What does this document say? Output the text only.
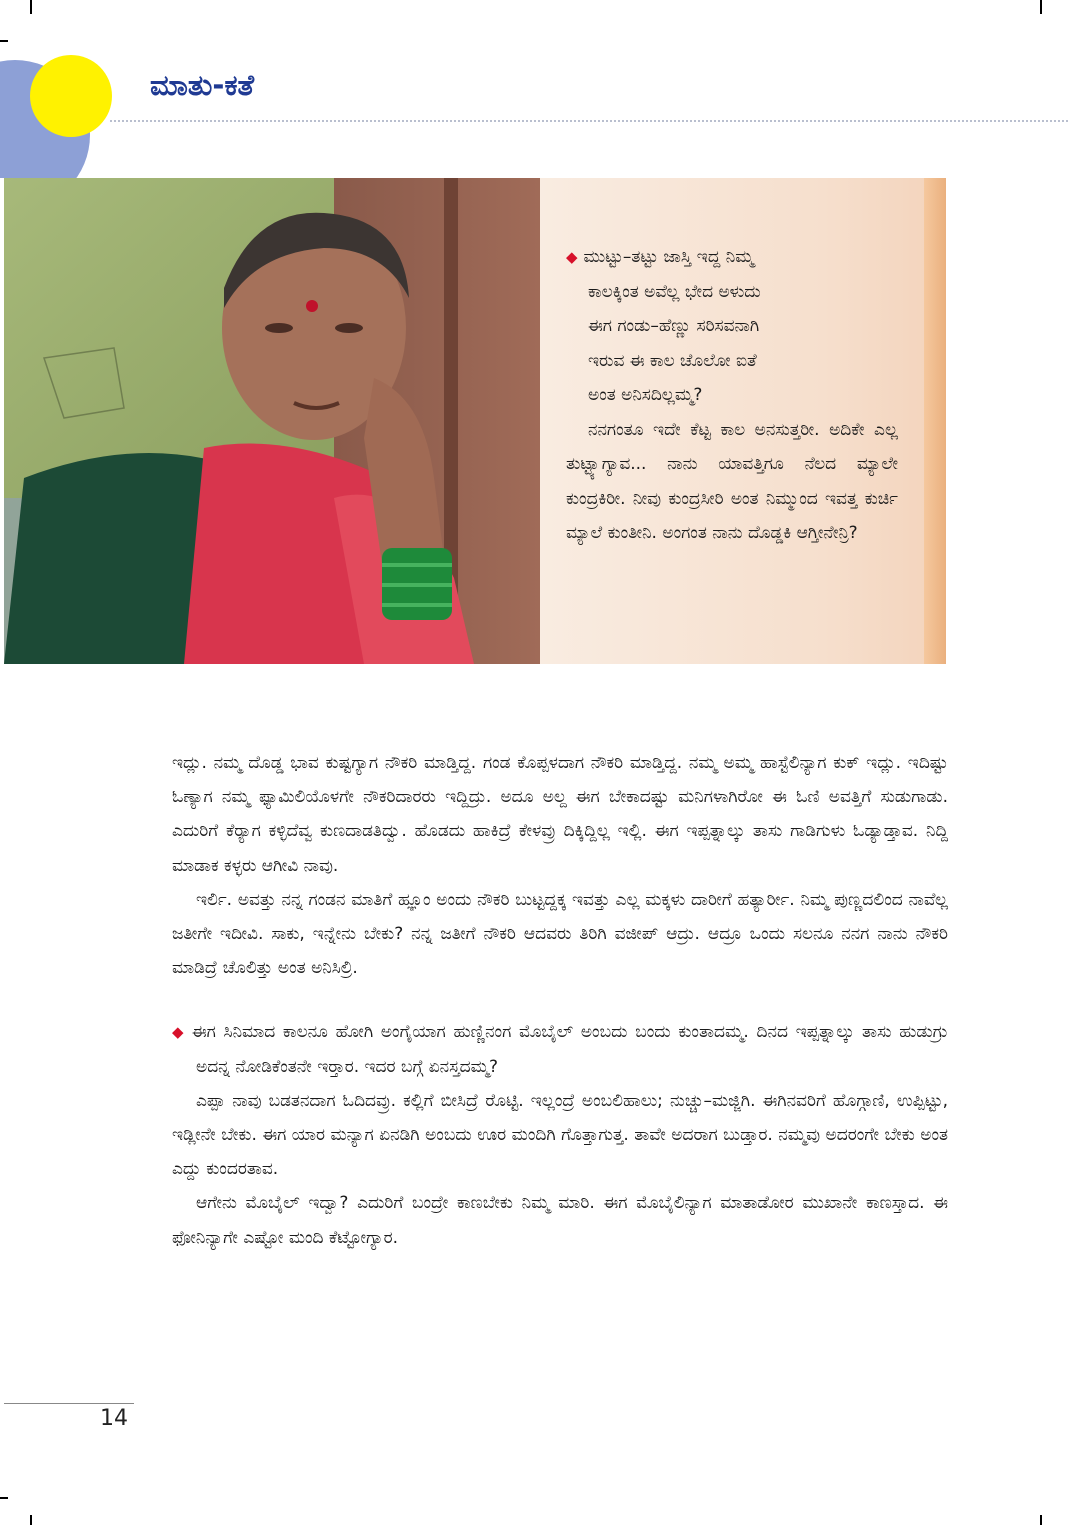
ಮಾತು-ಕತೆ

◆ ಮುಟ್ಟು–ತಟ್ಟು ಜಾಸ್ತಿ ಇದ್ದ ನಿಮ್ಮ

ಕಾಲಕ್ಕಿಂತ ಅವೆಲ್ಲ ಭೇದ ಅಳುದು

ಈಗ ಗಂಡು–ಹೆಣ್ಣು ಸರಿಸವನಾಗಿ

ಇರುವ ಈ ಕಾಲ ಚೊಲೋ ಐತೆ

ಅಂತ ಅನಿಸದಿಲ್ಲಮ್ಮ?

ನನಗಂತೂ ಇದೇ ಕೆಟ್ಟ ಕಾಲ ಅನಸುತ್ತರೀ. ಅದಿಕೇ ಎಲ್ಲ ತುಟ್ಟ್ಯಾಗ್ಯಾವ... ನಾನು ಯಾವತ್ತಿಗೂ ನೆಲದ ಮ್ಯಾಲೇ ಕುಂದ್ರಕಿರೀ. ನೀವು ಕುಂದ್ರಸೀರಿ ಅಂತ ನಿಮ್ಮುಂದ ಇವತ್ತ ಕುರ್ಚಿ ಮ್ಯಾಲೆ ಕುಂತೀನಿ. ಅಂಗಂತ ನಾನು ದೊಡ್ಡಕಿ ಆಗ್ತೀನೇನ್ರಿ?

ಇದ್ಲು. ನಮ್ಮ ದೊಡ್ಡ ಭಾವ ಕುಷ್ಟಗ್ಯಾಗ ನೌಕರಿ ಮಾಡ್ತಿದ್ದ. ಗಂಡ ಕೊಪ್ಪಳದಾಗ ನೌಕರಿ ಮಾಡ್ತಿದ್ದ. ನಮ್ಮ ಅಮ್ಮ ಹಾಸ್ಟೆಲಿನ್ಯಾಗ ಕುಕ್ ಇದ್ಲು. ಇದಿಷ್ಟು ಓಣ್ಯಾಗ ನಮ್ಮ ಫ್ಯಾಮಿಲಿಯೊಳಗೇ ನೌಕರಿದಾರರು ಇದ್ದಿದ್ರು. ಅದೂ ಅಲ್ದ ಈಗ ಬೇಕಾದಷ್ಟು ಮನಿಗಳಾಗಿರೋ ಈ ಓಣಿ ಅವತ್ತಿಗೆ ಸುಡುಗಾಡು. ಎದುರಿಗೆ ಕೆರ್‍ಯಾಗ ಕಳ್ಳಿದೆವ್ವ ಕುಣದಾಡತಿದ್ವು. ಹೊಡದು ಹಾಕಿದ್ರೆ ಕೇಳವ್ರು ದಿಕ್ಕಿದ್ದಿಲ್ಲ ಇಲ್ಲಿ. ಈಗ ಇಪ್ಪತ್ನಾಲ್ಕು ತಾಸು ಗಾಡಿಗುಳು ಓಡ್ಯಾಡ್ತಾವ. ನಿದ್ದಿ ಮಾಡಾಕ ಕಳ್ಳರು ಆಗೀವಿ ನಾವು.

ಇರ್ಲಿ. ಅವತ್ತು ನನ್ನ ಗಂಡನ ಮಾತಿಗೆ ಹ್ಞೂಂ ಅಂದು ನೌಕರಿ ಬುಟ್ಟದ್ದಕ್ಕ ಇವತ್ತು ಎಲ್ಲ ಮಕ್ಕಳು ದಾರೀಗೆ ಹತ್ಯಾರ್ರೀ. ನಿಮ್ಮ ಪುಣ್ಣದಲಿಂದ ನಾವೆಲ್ಲ ಜತೀಗೇ ಇದೀವಿ. ಸಾಕು, ಇನ್ನೇನು ಬೇಕು? ನನ್ನ ಜತೀಗೆ ನೌಕರಿ ಆದವರು ತಿರಿಗಿ ವಜೀಪ್ ಆದ್ರು. ಆದ್ರೂ ಒಂದು ಸಲನೂ ನನಗ ನಾನು ನೌಕರಿ ಮಾಡಿದ್ರೆ ಚೊಲಿತ್ತು ಅಂತ ಅನಿಸಿಲ್ರಿ.

◆ ಈಗ ಸಿನಿಮಾದ ಕಾಲನೂ ಹೋಗಿ ಅಂಗೈಯಾಗ ಹುಣ್ಣಿನಂಗ ಮೊಬೈಲ್ ಅಂಬದು ಬಂದು ಕುಂತಾದಮ್ಮ. ದಿನದ ಇಪ್ಪತ್ನಾಲ್ಕು ತಾಸು ಹುಡುಗ್ರು ಅದನ್ನ ನೋಡಿಕೆಂತನೇ ಇರ್‍ತಾರ. ಇದರ ಬಗ್ಗೆ ಏನಸ್ತದಮ್ಮ?

ಎಪ್ಪಾ ನಾವು ಬಡತನದಾಗ ಓದಿದವ್ರು. ಕಲ್ಲಿಗೆ ಬೀಸಿದ್ರೆ ರೊಟ್ಟಿ. ಇಲ್ಲಂದ್ರೆ ಅಂಬಲಿಹಾಲು; ನುಚ್ಚು–ಮಜ್ಜಿಗಿ. ಈಗಿನವರಿಗೆ ಹೊಗ್ಗಾಣಿ, ಉಪ್ಪಿಟ್ಟು, ಇಡ್ಲೀನೇ ಬೇಕು. ಈಗ ಯಾರ ಮನ್ಯಾಗ ಏನಡಿಗಿ ಅಂಬದು ಊರ ಮಂದಿಗಿ ಗೊತ್ತಾಗುತ್ತ. ತಾವೇ ಅದರಾಗ ಬುಡ್ತಾರ. ನಮ್ಮವು ಅದರಂಗೇ ಬೇಕು ಅಂತ ಎದ್ದು ಕುಂದರತಾವ.

ಆಗೇನು ಮೊಬೈಲ್ ಇದ್ವಾ? ಎದುರಿಗೆ ಬಂದ್ರೇ ಕಾಣಬೇಕು ನಿಮ್ಮ ಮಾರಿ. ಈಗ ಮೊಬೈಲಿನ್ಯಾಗ ಮಾತಾಡೋರ ಮುಖಾನೇ ಕಾಣಸ್ತಾದ. ಈ ಫೋನಿನ್ಯಾಗೇ ಎಷ್ಟೋ ಮಂದಿ ಕೆಟ್ಟೋಗ್ಯಾರ.

14
